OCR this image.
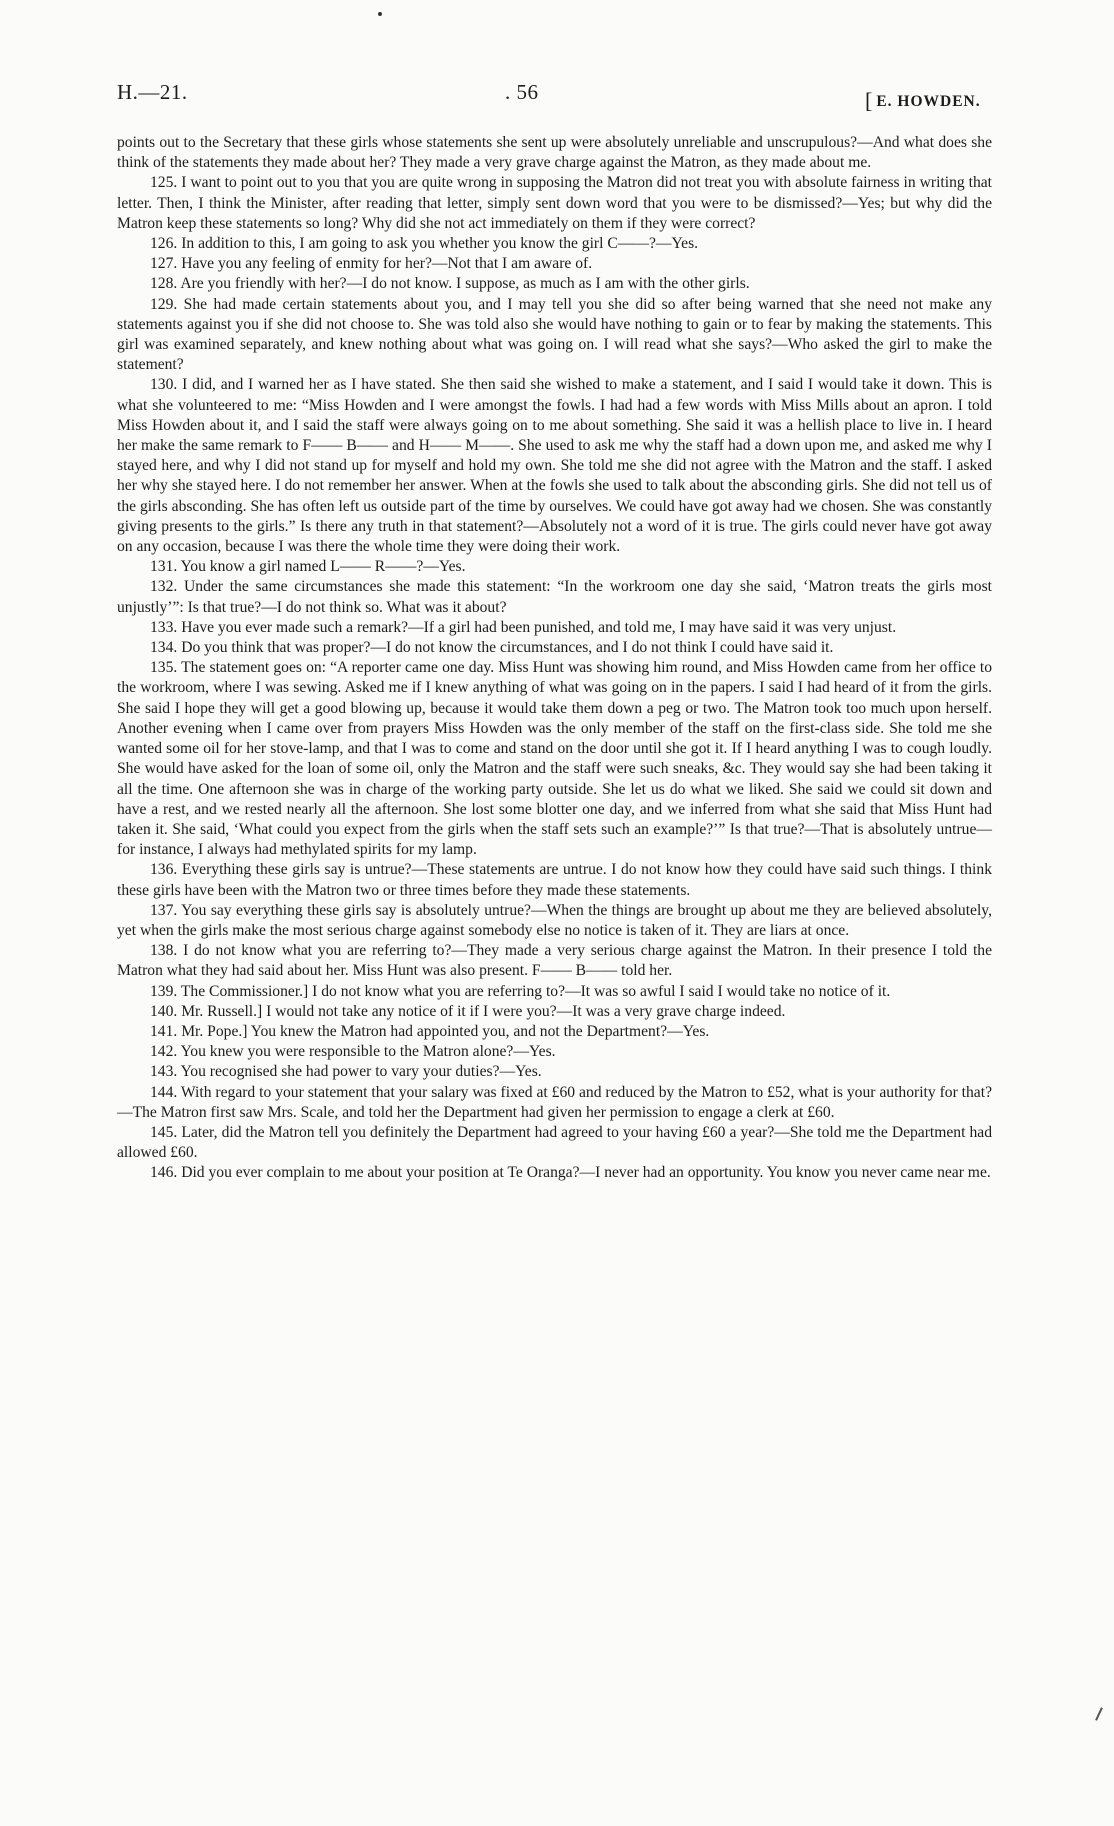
H.—21.	. 56	[ E. HOWDEN.

points out to the Secretary that these girls whose statements she sent up were absolutely unreliable and unscrupulous?—And what does she think of the statements they made about her? They made a very grave charge against the Matron, as they made about me.

125. I want to point out to you that you are quite wrong in supposing the Matron did not treat you with absolute fairness in writing that letter. Then, I think the Minister, after reading that letter, simply sent down word that you were to be dismissed?—Yes; but why did the Matron keep these statements so long? Why did she not act immediately on them if they were correct?

126. In addition to this, I am going to ask you whether you know the girl C——?—Yes.

127. Have you any feeling of enmity for her?—Not that I am aware of.

128. Are you friendly with her?—I do not know. I suppose, as much as I am with the other girls.

129. She had made certain statements about you, and I may tell you she did so after being warned that she need not make any statements against you if she did not choose to. She was told also she would have nothing to gain or to fear by making the statements. This girl was examined separately, and knew nothing about what was going on. I will read what she says?—Who asked the girl to make the statement?

130. I did, and I warned her as I have stated. She then said she wished to make a statement, and I said I would take it down. This is what she volunteered to me: “Miss Howden and I were amongst the fowls. I had had a few words with Miss Mills about an apron. I told Miss Howden about it, and I said the staff were always going on to me about something. She said it was a hellish place to live in. I heard her make the same remark to F—— B—— and H—— M——. She used to ask me why the staff had a down upon me, and asked me why I stayed here, and why I did not stand up for myself and hold my own. She told me she did not agree with the Matron and the staff. I asked her why she stayed here. I do not remember her answer. When at the fowls she used to talk about the absconding girls. She did not tell us of the girls absconding. She has often left us outside part of the time by ourselves. We could have got away had we chosen. She was constantly giving presents to the girls.” Is there any truth in that statement?—Absolutely not a word of it is true. The girls could never have got away on any occasion, because I was there the whole time they were doing their work.

131. You know a girl named L—— R——?—Yes.

132. Under the same circumstances she made this statement: “In the workroom one day she said, ‘Matron treats the girls most unjustly’”: Is that true?—I do not think so. What was it about?

133. Have you ever made such a remark?—If a girl had been punished, and told me, I may have said it was very unjust.

134. Do you think that was proper?—I do not know the circumstances, and I do not think I could have said it.

135. The statement goes on: “A reporter came one day. Miss Hunt was showing him round, and Miss Howden came from her office to the workroom, where I was sewing. Asked me if I knew anything of what was going on in the papers. I said I had heard of it from the girls. She said I hope they will get a good blowing up, because it would take them down a peg or two. The Matron took too much upon herself. Another evening when I came over from prayers Miss Howden was the only member of the staff on the first-class side. She told me she wanted some oil for her stove-lamp, and that I was to come and stand on the door until she got it. If I heard anything I was to cough loudly. She would have asked for the loan of some oil, only the Matron and the staff were such sneaks, &c. They would say she had been taking it all the time. One afternoon she was in charge of the working party outside. She let us do what we liked. She said we could sit down and have a rest, and we rested nearly all the afternoon. She lost some blotter one day, and we inferred from what she said that Miss Hunt had taken it. She said, ‘What could you expect from the girls when the staff sets such an example?’” Is that true?—That is absolutely untrue—for instance, I always had methylated spirits for my lamp.

136. Everything these girls say is untrue?—These statements are untrue. I do not know how they could have said such things. I think these girls have been with the Matron two or three times before they made these statements.

137. You say everything these girls say is absolutely untrue?—When the things are brought up about me they are believed absolutely, yet when the girls make the most serious charge against somebody else no notice is taken of it. They are liars at once.

138. I do not know what you are referring to?—They made a very serious charge against the Matron. In their presence I told the Matron what they had said about her. Miss Hunt was also present. F—— B—— told her.

139. The Commissioner.] I do not know what you are referring to?—It was so awful I said I would take no notice of it.

140. Mr. Russell.] I would not take any notice of it if I were you?—It was a very grave charge indeed.

141. Mr. Pope.] You knew the Matron had appointed you, and not the Department?—Yes.

142. You knew you were responsible to the Matron alone?—Yes.

143. You recognised she had power to vary your duties?—Yes.

144. With regard to your statement that your salary was fixed at £60 and reduced by the Matron to £52, what is your authority for that?—The Matron first saw Mrs. Scale, and told her the Department had given her permission to engage a clerk at £60.

145. Later, did the Matron tell you definitely the Department had agreed to your having £60 a year?—She told me the Department had allowed £60.

146. Did you ever complain to me about your position at Te Oranga?—I never had an opportunity. You know you never came near me.
